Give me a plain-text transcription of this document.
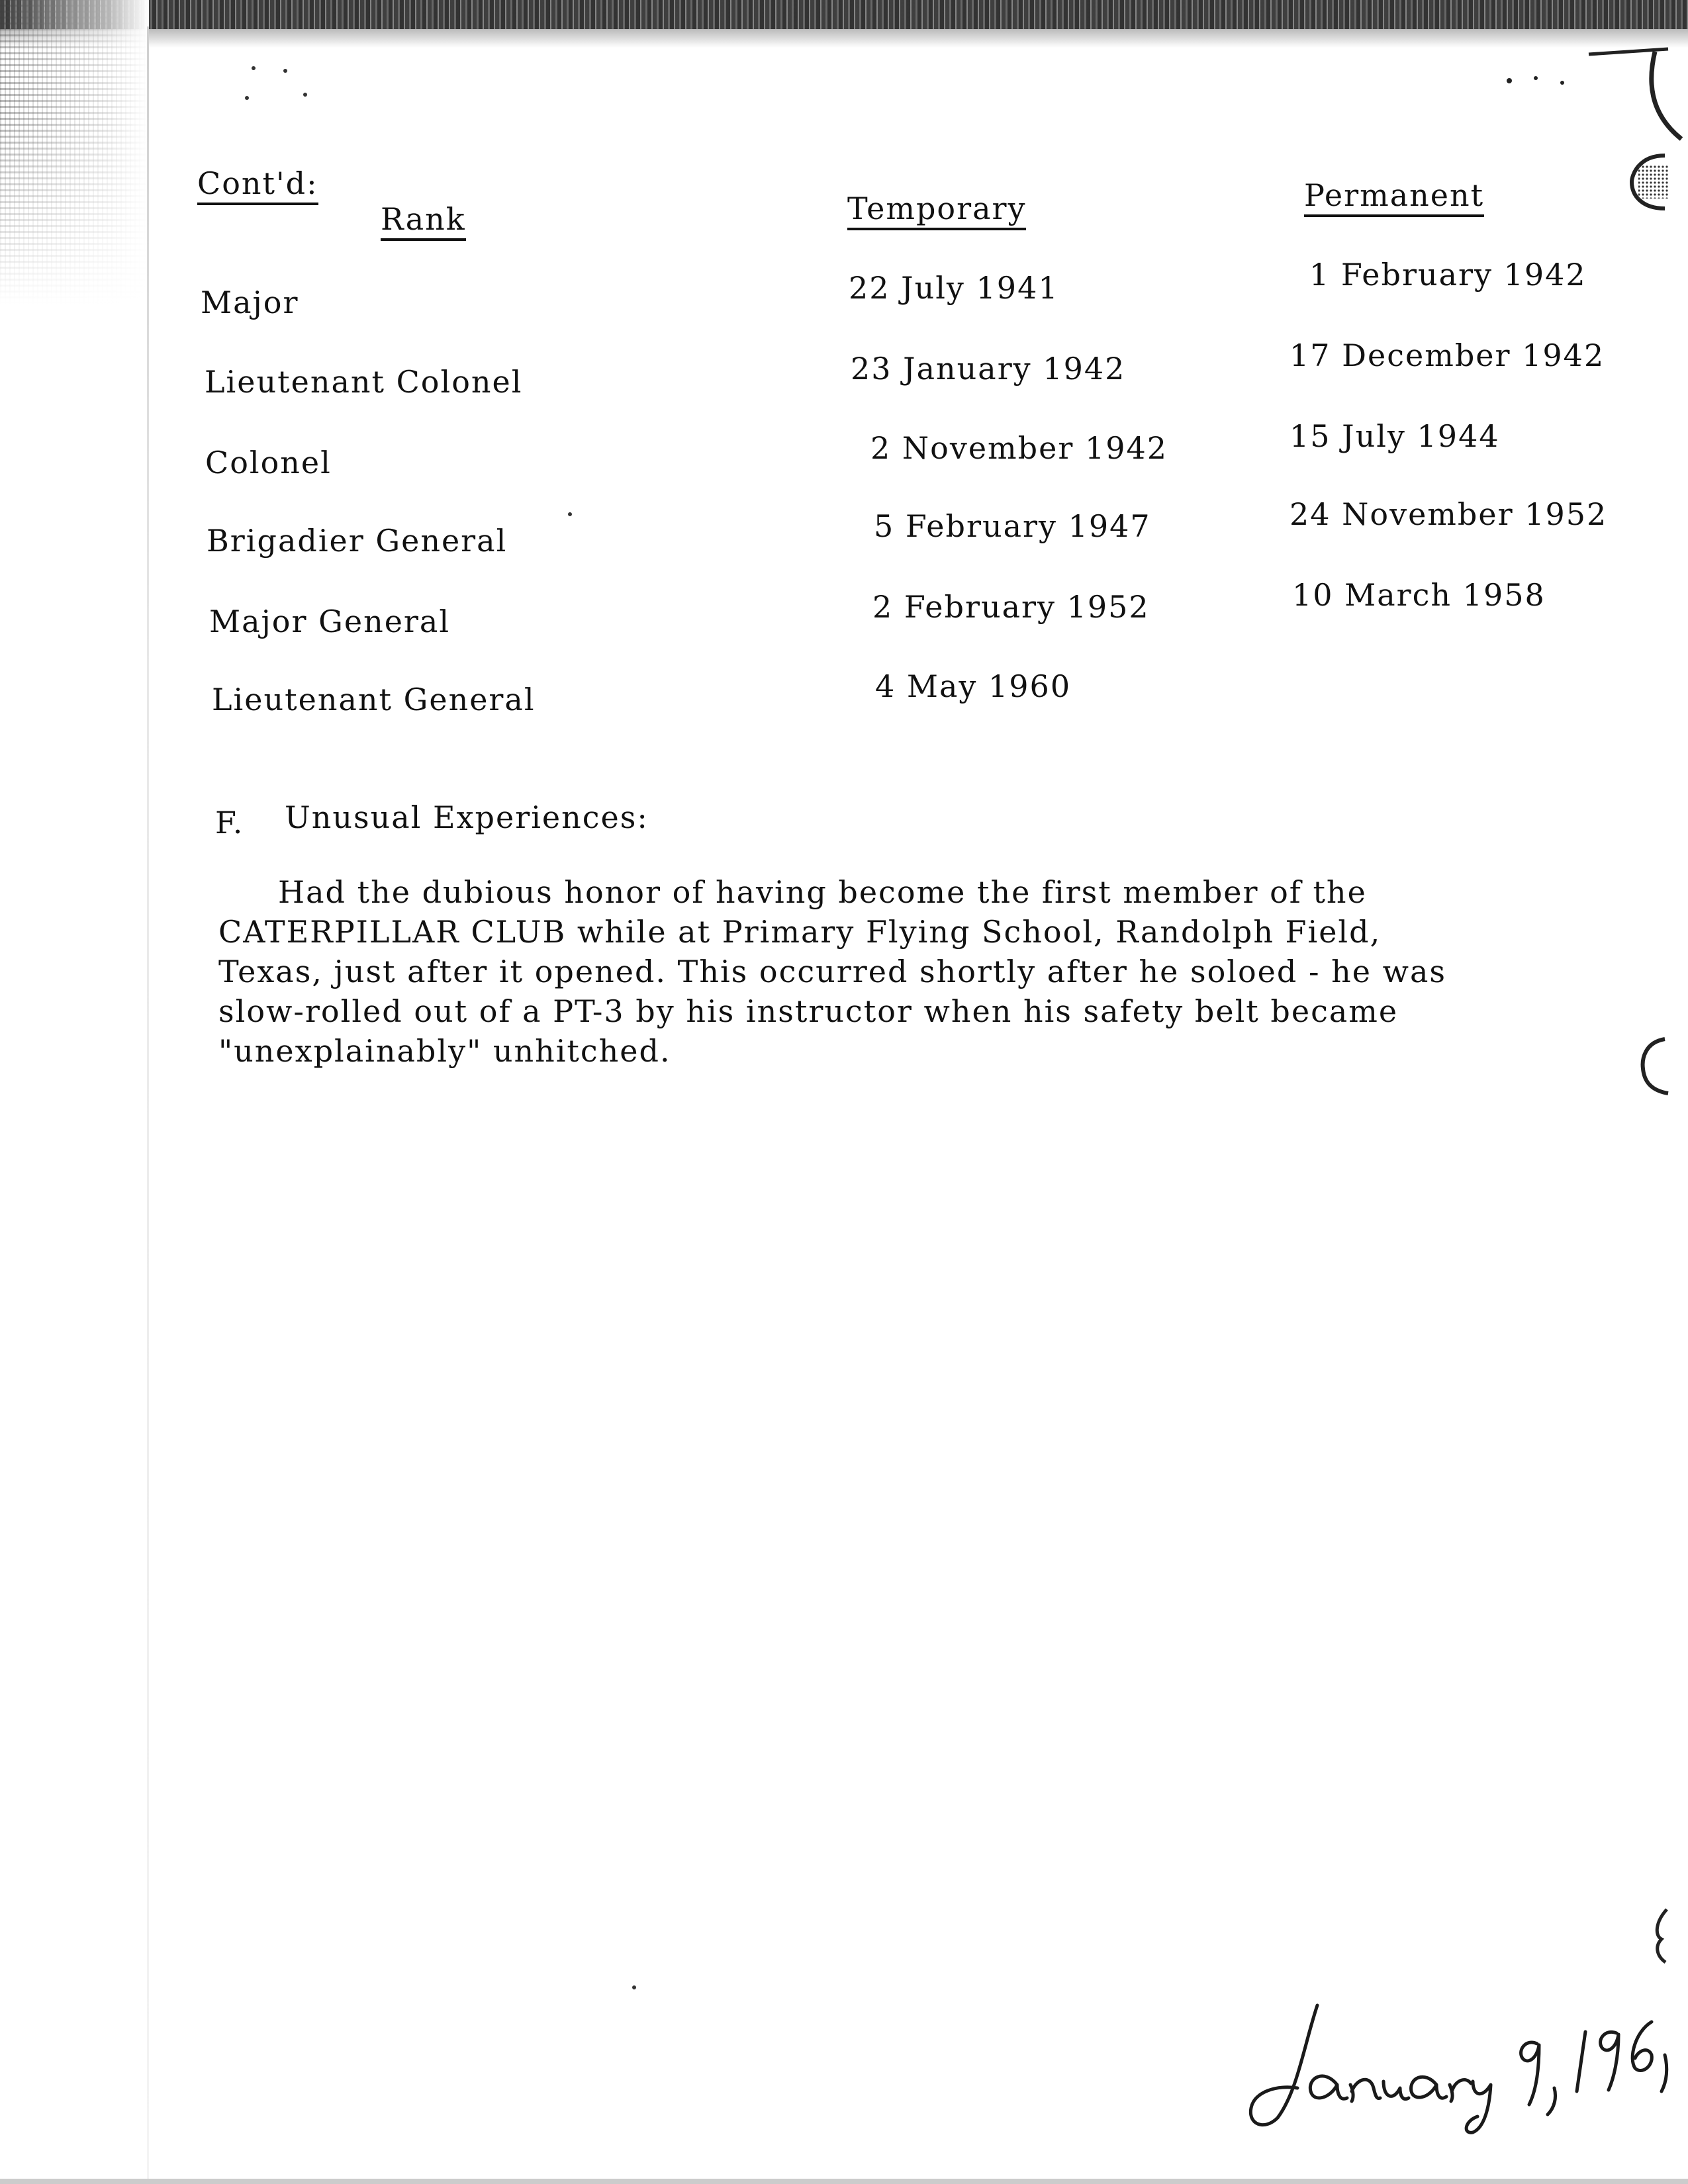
Cont'd:
Rank	Temporary	Permanent
Major	22 July 1941	1 February 1942
Lieutenant Colonel	23 January 1942	17 December 1942
Colonel	2 November 1942	15 July 1944
Brigadier General	5 February 1947	24 November 1952
Major General	2 February 1952	10 March 1958
Lieutenant General	4 May 1960
F. Unusual Experiences:
Had the dubious honor of having become the first member of the
CATERPILLAR CLUB while at Primary Flying School, Randolph Field,
Texas, just after it opened. This occurred shortly after he soloed - he was
slow-rolled out of a PT-3 by his instructor when his safety belt became
"unexplainably" unhitched.
